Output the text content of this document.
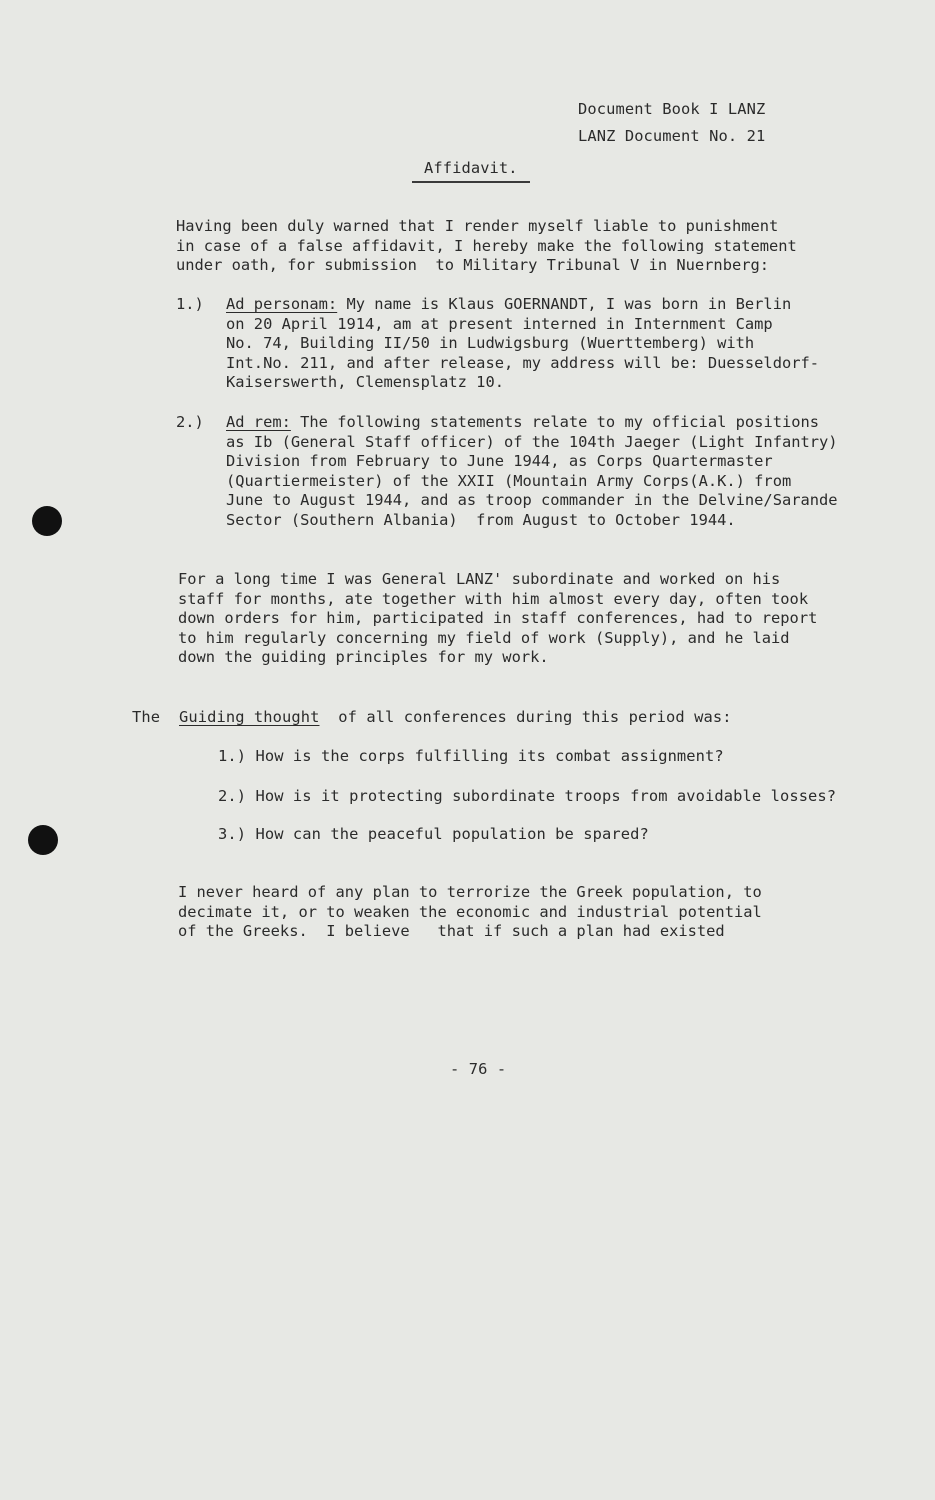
Document Book I LANZ
LANZ Document No. 21
Affidavit.
Having been duly warned that I render myself liable to punishment
in case of a false affidavit, I hereby make the following statement
under oath, for submission  to Military Tribunal V in Nuernberg:
1.) Ad personam: My name is Klaus GOERNANDT, I was born in Berlin
on 20 April 1914, am at present interned in Internment Camp
No. 74, Building II/50 in Ludwigsburg (Wuerttemberg) with
Int.No. 211, and after release, my address will be: Duesseldorf-
Kaiserswerth, Clemensplatz 10.
2.) Ad rem: The following statements relate to my official positions
as Ib (General Staff officer) of the 104th Jaeger (Light Infantry)
Division from February to June 1944, as Corps Quartermaster
(Quartiermeister) of the XXII (Mountain Army Corps(A.K.) from
June to August 1944, and as troop commander in the Delvine/Sarande
Sector (Southern Albania)  from August to October 1944.
For a long time I was General LANZ' subordinate and worked on his
staff for months, ate together with him almost every day, often took
down orders for him, participated in staff conferences, had to report
to him regularly concerning my field of work (Supply), and he laid
down the guiding principles for my work.
The Guiding thought  of all conferences during this period was:
1.) How is the corps fulfilling its combat assignment?
2.) How is it protecting subordinate troops from avoidable losses?
3.) How can the peaceful population be spared?
I never heard of any plan to terrorize the Greek population, to
decimate it, or to weaken the economic and industrial potential
of the Greeks.  I believe   that if such a plan had existed
- 76 -
